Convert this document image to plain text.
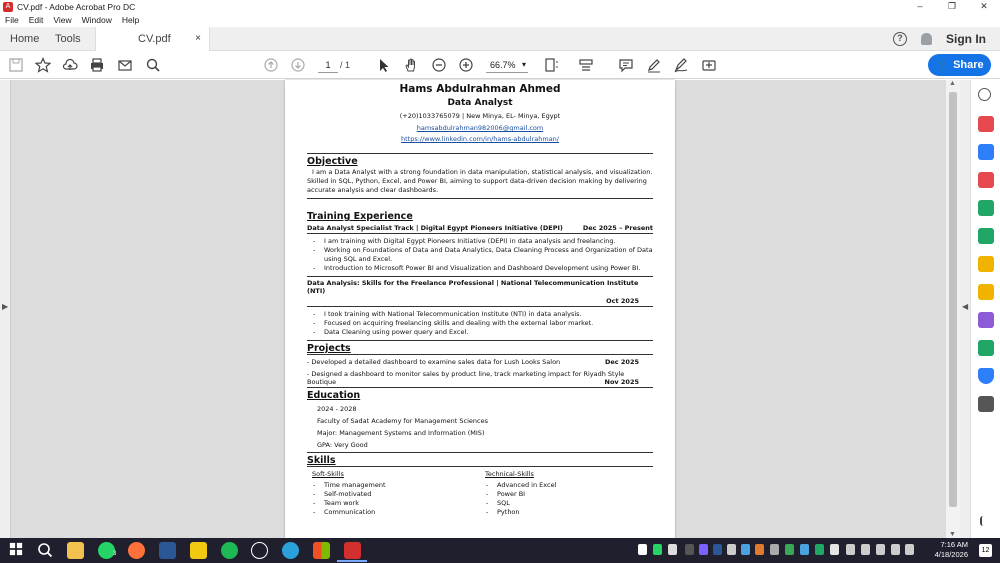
A CV.pdf - Adobe Acrobat Pro DC	–	❐	✕
File Edit View Window Help
Home Tools	CV.pdf ×	?	Sign In
1	/ 1	66.7% ▾	👤 Share
▶
Hams Abdulrahman Ahmed
Data Analyst
(+20)1033765079 | New Minya, EL- Minya, Egypt
hamsabdulrahman982006@gmail.com
https://www.linkedin.com/in/hams-abdulrahman/
Objective
I am a Data Analyst with a strong foundation in data manipulation, statistical analysis, and visualization. Skilled in SQL, Python, Excel, and Power BI, aiming to support data-driven decision making by delivering accurate analysis and clear dashboards.
Training Experience
Data Analyst Specialist Track | Digital Egypt Pioneers Initiative (DEPI)	Dec 2025 – Present
- I am training with Digital Egypt Pioneers Initiative (DEPI) in data analysis and freelancing.
- Working on Foundations of Data and Data Analytics, Data Cleaning Process and Organization of Data using SQL and Excel.
- Introduction to Microsoft Power BI and Visualization and Dashboard Development using Power BI.
Data Analysis: Skills for the Freelance Professional | National Telecommunication Institute (NTI)
Oct 2025
- I took training with National Telecommunication Institute (NTI) in data analysis.
- Focused on acquiring freelancing skills and dealing with the external labor market.
- Data Cleaning using power query and Excel.
Projects
- Developed a detailed dashboard to examine sales data for Lush Looks Salon	Dec 2025
- Designed a dashboard to monitor sales by product line, track marketing impact for Riyadh Style
Boutique	Nov 2025
Education
2024 - 2028
Faculty of Sadat Academy for Management Sciences
Major: Management Systems and Information (MIS)
GPA: Very Good
Skills
Soft-Skills
- Time management
- Self-motivated
- Team work
- Communication
Technical-Skills
- Advanced in Excel
- Power BI
- SQL
- Python
▲
▼
◀
3
7:16 AM
4/18/2026	12
